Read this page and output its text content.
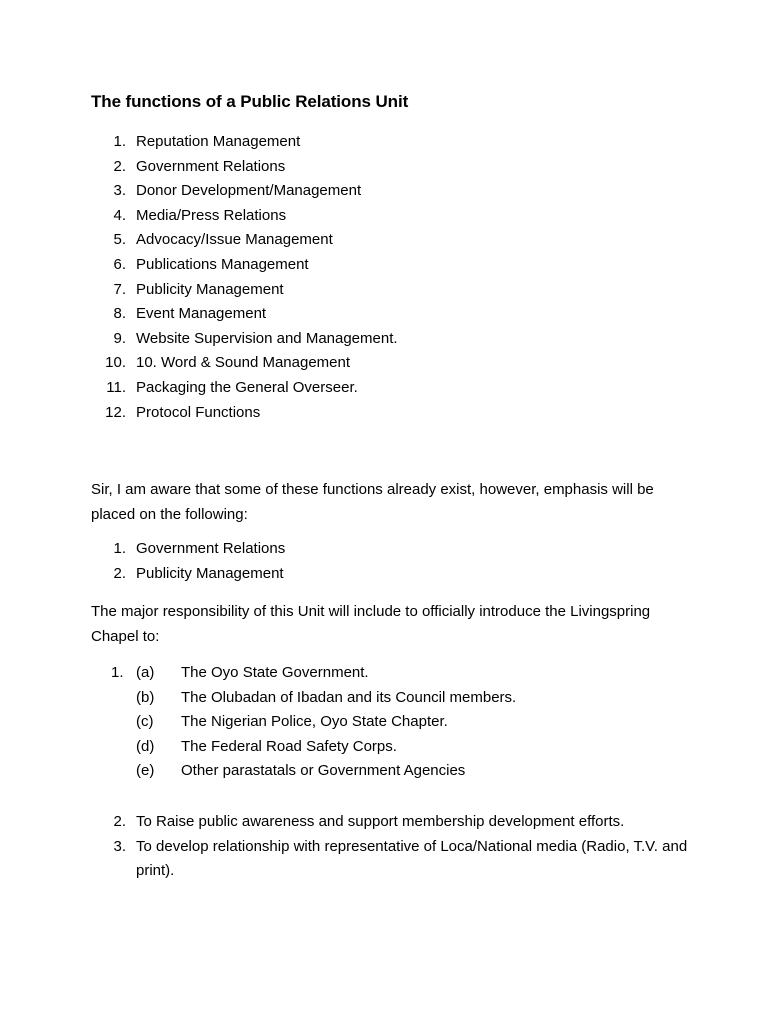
The functions of a Public Relations Unit
1. Reputation Management
2. Government Relations
3. Donor Development/Management
4. Media/Press Relations
5. Advocacy/Issue Management
6. Publications Management
7. Publicity Management
8. Event Management
9. Website Supervision and Management.
10. 10. Word & Sound Management
11. Packaging the General Overseer.
12. Protocol Functions
Sir, I am aware that some of these functions already exist, however, emphasis will be placed on the following:
1. Government Relations
2. Publicity Management
The major responsibility of this Unit will include to officially introduce the Livingspring Chapel to:
1. (a)	The Oyo State Government.
(b)	The Olubadan of Ibadan and its Council members.
(c)	The Nigerian Police, Oyo State Chapter.
(d)	The Federal Road Safety Corps.
(e)	Other parastatals or Government Agencies
2. To Raise public awareness and support membership development efforts.
3. To develop relationship with representative of Loca/National media (Radio, T.V. and print).
